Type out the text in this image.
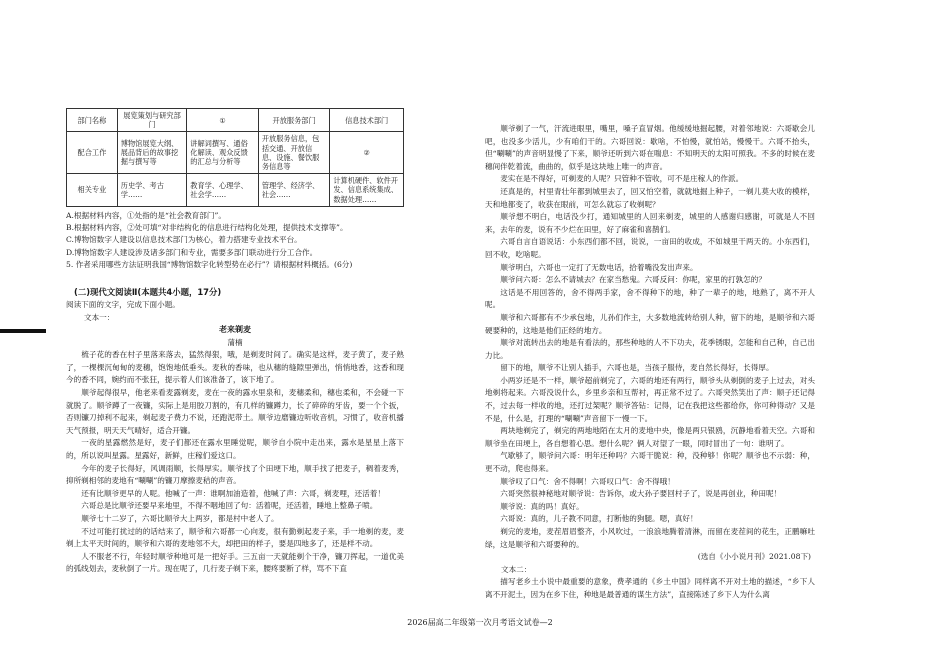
部门名称	展览策划与研究部门	①	开放服务部门	信息技术部门
配合工作	博物馆展览大纲、展品背后的故事挖掘与撰写等	讲解词撰写、通俗化解读、观众反馈的汇总与分析等	开放服务信息，包括交通、开放信息、设施、餐饮服务信息等	②
相关专业	历史学、考古学……	教育学、心理学、社会学……	管理学、经济学、社会……	计算机硬件、软件开发、信息系统集成、数据处理……
A.根据材料内容，①处指的是“社会教育部门”。
B.根据材料内容，②处可填“对非结构化的信息进行结构化处理，提供技术支撑等”。
C.博物馆数字人建设以信息技术部门为核心，着力搭建专业技术平台。
D.博物馆数字人建设涉及诸多部门和专业，需要多部门联动进行分工合作。
5. 作者采用哪些方法证明我国“博物馆数字化转型势在必行”？请根据材料概括。(6分)
(二)现代文阅读Ⅱ(本题共4小题，17分)
阅读下面的文字，完成下面小题。
文本一：
老来剃麦
蒲楠

梳子花的香在村子里落来落去，猛然得狠，哦，是剃麦时间了。确实是这样，麦子黄了，麦子熟了，一棵棵沉甸甸的麦穗，饱饱地低垂头。麦秋的香味，也从穗的缝隙里弹出，悄悄地香，这香和现今的香不同，婉约而不张狂，提示着人们该准备了，该下地了。

顺爷起得很早，他老来看麦露剃麦，麦在一夜的露水里泉和，麦穗柔和，穗也柔和，不会碰一下就脱了。顺爷蹲了一夜镰，实际上是用胶刀割的，有几样的镰蹲力，长了碎碎的牙齿，要一个个扳，否则镰刀掉利不起来，剃起麦子费力不说，还跑泥带土。顺爷边磨镰边听收音机，习惯了，收音机播天气预报，明天天气晴好，适合开镰。

一夜的星露燃然是好，麦子们都还在露水里睡觉呢，顺爷自小院中走出来，露水是星星上落下的，所以说叫星露。星露好，新鲜，庄稼们爱这口。

今年的麦子长得好，风调雨顺，长得厚实。顺爷找了个田埂下地，顺手找了把麦子，稠着麦秀，抑所剃相邻的麦地有“唰唰”的镰刀摩擦麦秸的声音。

还有比顺爷更早的人呢。他喊了一声：谁啊加油造着，他喊了声：六哥，剃麦哩，还活着！

六哥总是比顺爷还要早来地里，不得不咽地回了句：活着呢，还活着，睡地上整鼻子喷。

顺爷七十二岁了，六哥比顺爷大上两岁，都是村中老人了。

不过可能打扰过的的话结来了，顺爷和六哥都一心向麦，很有勤剃起麦子来，手一地剃的麦，麦剃上太平天时间的，顺爷和六哥的麦地邻不大，却把田的样子，要是四地多了，还是样不动。

人不服老不行，年轻时顺爷种地可是一把好手。三五亩一天就能剃个干净，镰刀挥起，一道优美的弧线划去，麦秋倒了一片。现在呢了，几行麦子剃下来，腰疼要断了样，骂不下直

顺爷剃了一气，汗流进眼里，嘴里，嗓子直冒烟。他缓缓地掘起腰，对着邻地说：六哥歇会儿吧，也没多少活儿，少有咱们干的。六哥回说：歇啥，不怕慢，就怕站，慢慢干。六哥不抬头，但“唰唰”的声音明显慢了下来，顺爷还听到六哥在喘息：不知明天的太阳可照我。不多的时候在麦穗间伴乾着流，曲曲的，似乎是这块地上唯一的声音。

麦实在是不得好，可剃麦的人呢？只管种不管收，可不是庄稼人的作派。

还真是的，村里青壮年都到城里去了，回又怕空着，就就地掘上种子，一剃儿莫大收的模样，天和地都变了，收获在眼前，可怎么就忘了收剃呢？

顺爷想不明白，电话没少打，通知城里的人回来剃麦，城里的人感谢归感谢，可就是人不回来，去年的麦，说有不少烂在田里，好了麻雀和喜鹊们。

六哥自言自语说话：小东西们都不回，说说，一亩田的收成，不如城里干两天的。小东西们，回不收，吃啥呢。

顺爷明白，六哥也一定打了无数电话，拾着嘴没发出声来。

顺爷问六哥：怎么不请城去？在家当愁鬼。六哥反问：你呢，家里的打孰怎的？

这话是不用回答的，舍不得两手家，舍不得种下的地，种了一辈子的地，地熟了，离不开人呢。

顺爷和六哥都有不少承包地，儿孙们作主，大多数地流转给别人种，留下的地，是顺爷和六哥硬要种的，这地是他们正经的地方。

顺爷对流转出去的地是有看法的，那些种地的人不下功夫，花季锈眼，怎能和自己种，自己出力比。

留下的地，顺爷不让别人插手，六哥也是，当孩子服侍，麦自然长得好，长得厚。

小两岁还是不一样，顺爷超前剃完了，六哥的地还有两行，顺爷头从剃倒的麦子上过去，对头地剃将起来。六哥没说什么，乡里乡亲和互帮衬，再正常不过了。六哥突然笑出了声：顺子还记得不，过去每一样收的地，还打过架呢？顺爷答钻：记得，记在我把这些都给你，你可种得动？又是不是，什么是，打理的“唰唰”声音留下一慢一下。

两块地剃完了，剃完的两地地陌在太月的麦地中央，像是两只银鸥，沉静地看着天空。六哥和顺爷坐在田埂上，各自想着心思。想什么呢？俩人对望了一眼，同时冒出了一句：谁明了。

气歇够了，顺爷问六哥：明年还种吗？六哥干脆说：种，没种够！你呢？顺爷也不示弱：种，更不动，爬也得来。

顺爷叹了口气：舍不得啊！六哥叹口气：舍不得哦！

六哥突然很神秘地对顺爷说：告诉你，或大孙子要回村子了，说是再创业，种田呢！

顺爷说：真的吗！真好。

六哥说：真的，儿子教不同意，打断他的狗腿。嗯，真好！

剃完的麦地，麦茬眉眉整齐，小风吹过，一浪浪地腾着清淋，而留在麦茬间的花生，正鹏嘛吐绿，这是顺爷和六哥要种的。

(选自《小小说月刊》2021.08下)
文本二：

描写老乡土小说中最重要的意象，费孝通的《乡土中国》同样离不开对土地的描述，“乡下人离不开泥土，因为在乡下住，种地是最普通的谋生方法”，直接陈述了乡下人为什么离

2026届高二年级第一次月考语文试卷—2
